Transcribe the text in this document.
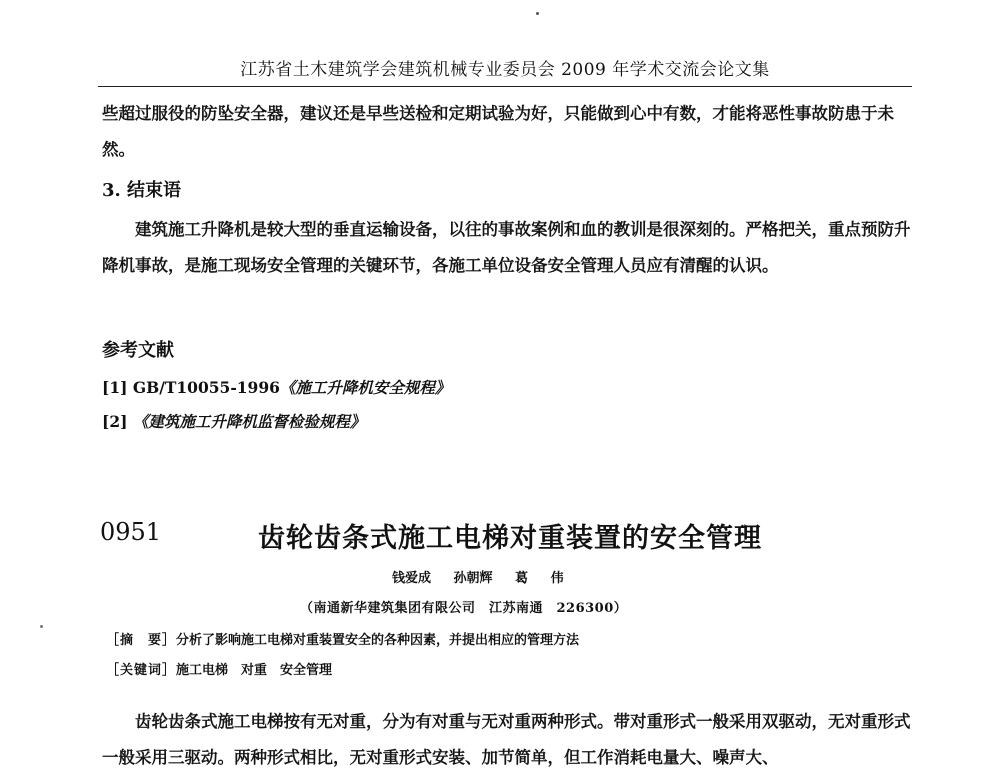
江苏省土木建筑学会建筑机械专业委员会 2009 年学术交流会论文集

些超过服役的防坠安全器，建议还是早些送检和定期试验为好，只能做到心中有数，才能将恶性事故防患于未然。

3. 结束语

建筑施工升降机是较大型的垂直运输设备，以往的事故案例和血的教训是很深刻的。严格把关，重点预防升降机事故，是施工现场安全管理的关键环节，各施工单位设备安全管理人员应有清醒的认识。

参考文献

[1] GB/T10055-1996《施工升降机安全规程》

[2] 《建筑施工升降机监督检验规程》

0951	齿轮齿条式施工电梯对重装置的安全管理
钱爱成 孙朝辉 葛 伟
（南通新华建筑集团有限公司　江苏南通　226300）

［摘　要］分析了影响施工电梯对重装置安全的各种因素，并提出相应的管理方法

［关键词］施工电梯　对重　安全管理

齿轮齿条式施工电梯按有无对重，分为有对重与无对重两种形式。带对重形式一般采用双驱动，无对重形式一般采用三驱动。两种形式相比，无对重形式安装、加节简单，但工作消耗电量大、噪声大、
